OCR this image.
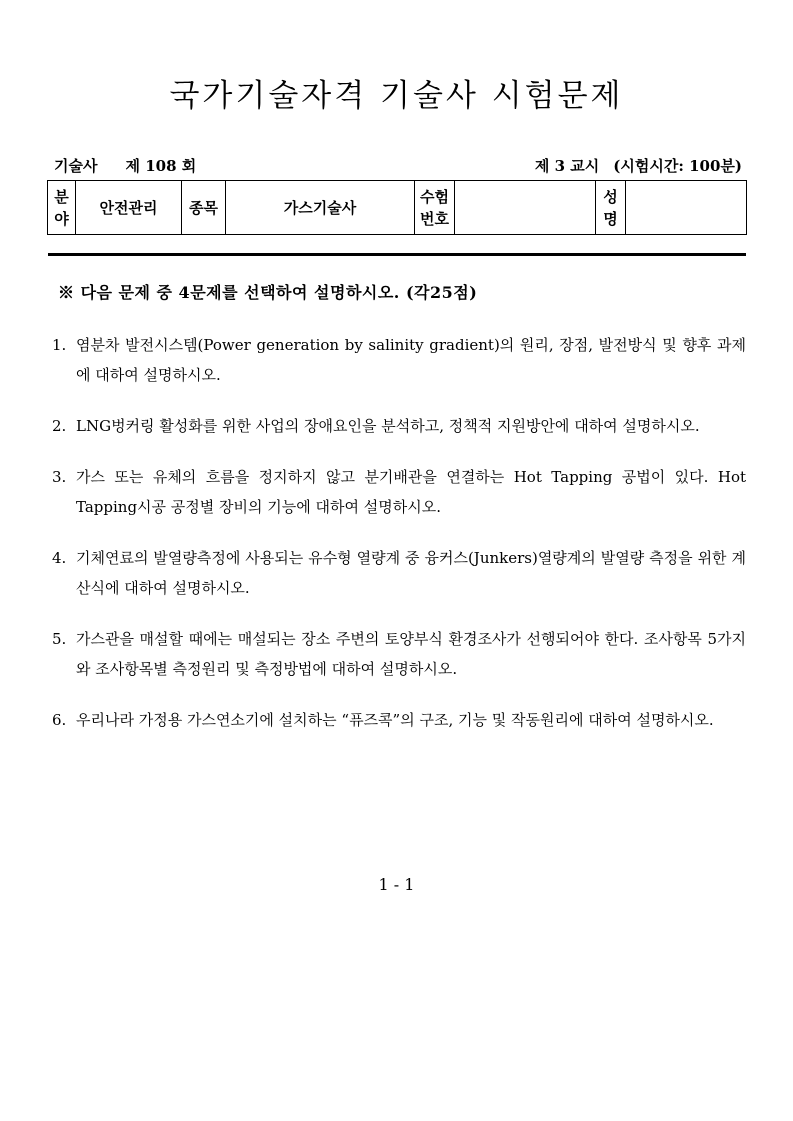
국가기술자격 기술사 시험문제
기술사 제 108 회	제 3 교시 (시험시간: 100분)
분야	안전관리	종목	가스기술사	수험번호		성명	
※ 다음 문제 중 4문제를 선택하여 설명하시오. (각25점)
1. 염분차 발전시스템(Power generation by salinity gradient)의 원리, 장점, 발전방식 및 향후 과제에 대하여 설명하시오.
2. LNG벙커링 활성화를 위한 사업의 장애요인을 분석하고, 정책적 지원방안에 대하여 설명하시오.
3. 가스 또는 유체의 흐름을 정지하지 않고 분기배관을 연결하는 Hot Tapping 공법이 있다. Hot Tapping시공 공정별 장비의 기능에 대하여 설명하시오.
4. 기체연료의 발열량측정에 사용되는 유수형 열량계 중 융커스(Junkers)열량계의 발열량 측정을 위한 계산식에 대하여 설명하시오.
5. 가스관을 매설할 때에는 매설되는 장소 주변의 토양부식 환경조사가 선행되어야 한다. 조사항목 5가지와 조사항목별 측정원리 및 측정방법에 대하여 설명하시오.
6. 우리나라 가정용 가스연소기에 설치하는 “퓨즈콕”의 구조, 기능 및 작동원리에 대하여 설명하시오.
1 - 1
